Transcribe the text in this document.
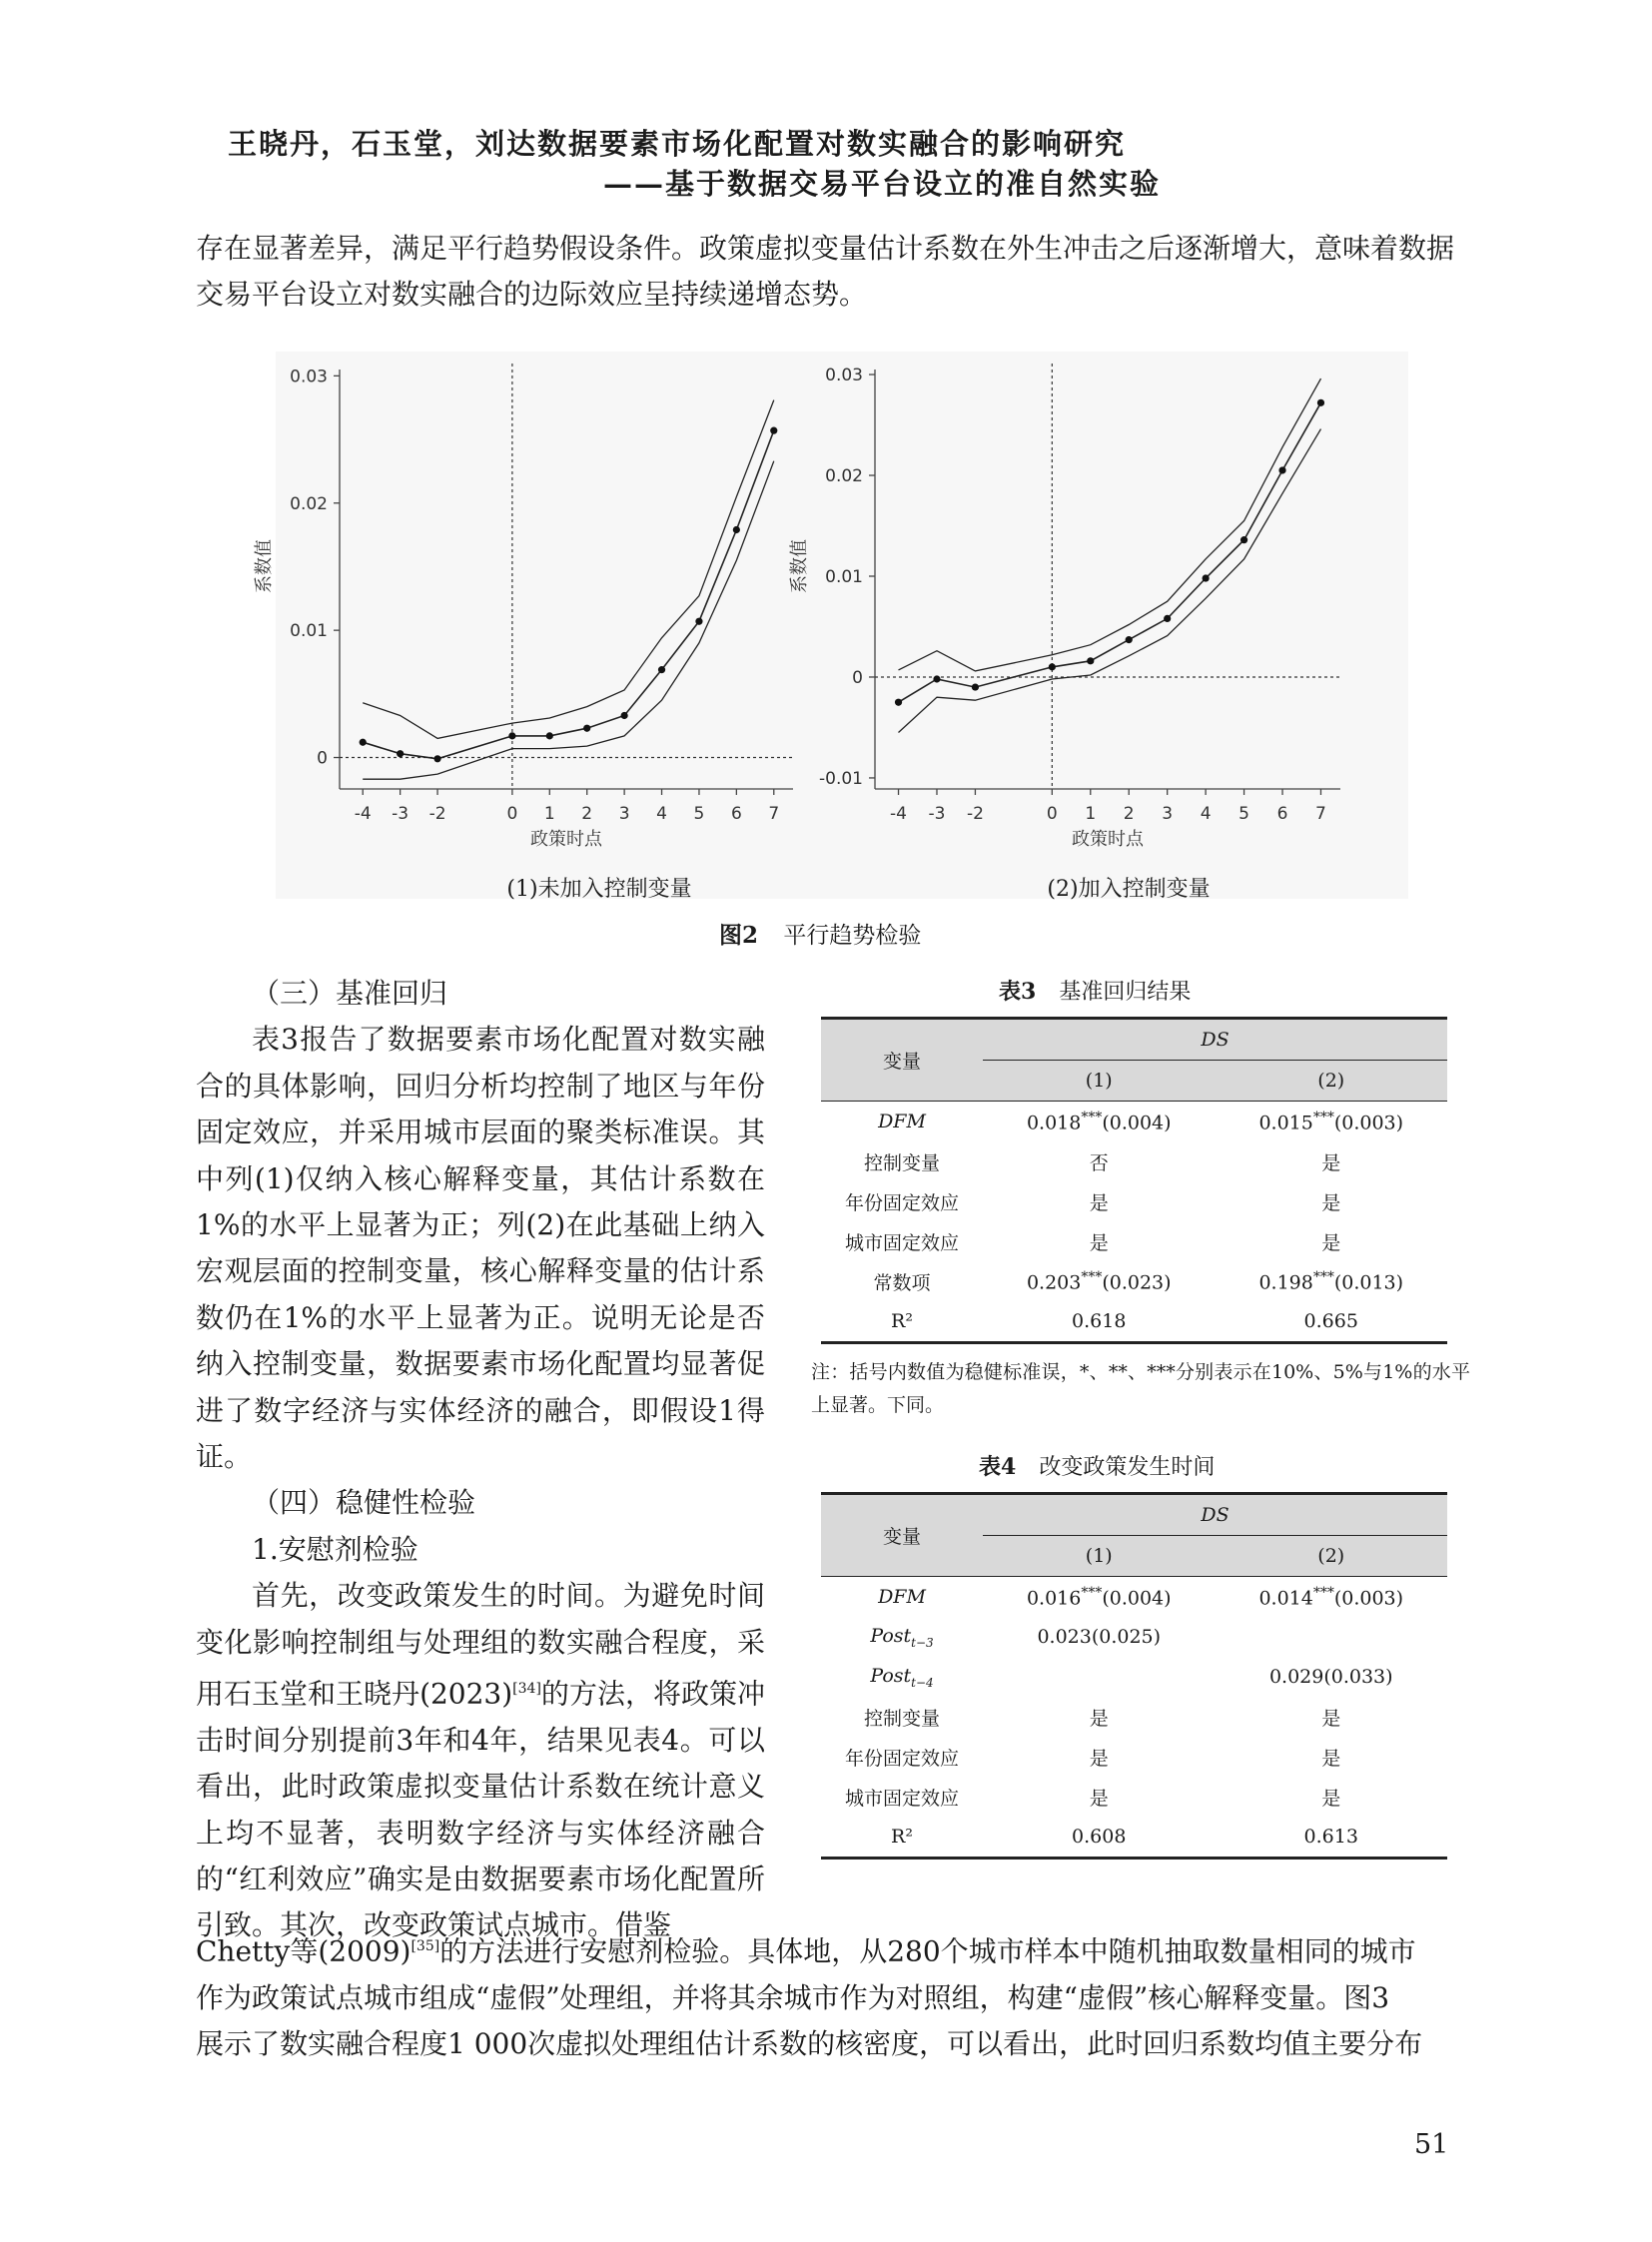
王晓丹，石玉堂，刘达 数据要素市场化配置对数实融合的影响研究
——基于数据交易平台设立的准自然实验

存在显著差异，满足平行趋势假设条件。政策虚拟变量估计系数在外生冲击之后逐渐增大，意味着数据交易平台设立对数实融合的边际效应呈持续递增态势。

0.03
0.02
0.01
0
-4 -3 -2	0 1 2 3 4 5 6 7
政策时点
系数值
0.03
0.02
0.01
0
-0.01
-4 -3 -2	0 1 2 3 4 5 6 7
政策时点
系数值
(1)未加入控制变量	(2)加入控制变量
图2 平行趋势检验

（三）基准回归

表3报告了数据要素市场化配置对数实融合的具体影响，回归分析均控制了地区与年份固定效应，并采用城市层面的聚类标准误。其中列(1)仅纳入核心解释变量，其估计系数在1%的水平上显著为正；列(2)在此基础上纳入宏观层面的控制变量，核心解释变量的估计系数仍在1%的水平上显著为正。说明无论是否纳入控制变量，数据要素市场化配置均显著促进了数字经济与实体经济的融合，即假设1得证。

（四）稳健性检验

1.安慰剂检验

首先，改变政策发生的时间。为避免时间变化影响控制组与处理组的数实融合程度，采用石玉堂和王晓丹(2023)[34]的方法，将政策冲击时间分别提前3年和4年，结果见表4。可以看出，此时政策虚拟变量估计系数在统计意义上均不显著，表明数字经济与实体经济融合的“红利效应”确实是由数据要素市场化配置所引致。其次，改变政策试点城市。借鉴

Chetty等(2009)[35]的方法进行安慰剂检验。具体地，从280个城市样本中随机抽取数量相同的城市

作为政策试点城市组成“虚假”处理组，并将其余城市作为对照组，构建“虚假”核心解释变量。图3

展示了数实融合程度1 000次虚拟处理组估计系数的核密度，可以看出，此时回归系数均值主要分布

表3 基准回归结果
变量	DS	
	(1)	(2)
DFM	0.018***(0.004)	0.015***(0.003)
控制变量	否	是
年份固定效应	是	是
城市固定效应	是	是
常数项	0.203***(0.023)	0.198***(0.013)
R²	0.618	0.665
注：括号内数值为稳健标准误，*、**、***分别表示在10%、5%与1%的水平上显著。下同。
表4 改变政策发生时间
变量	DS	
	(1)	(2)
DFM	0.016***(0.004)	0.014***(0.003)
Post$_{t-3}$	0.023(0.025)	
Post$_{t-4}$		0.029(0.033)
控制变量	是	是
年份固定效应	是	是
城市固定效应	是	是
R²	0.608	0.613
51
